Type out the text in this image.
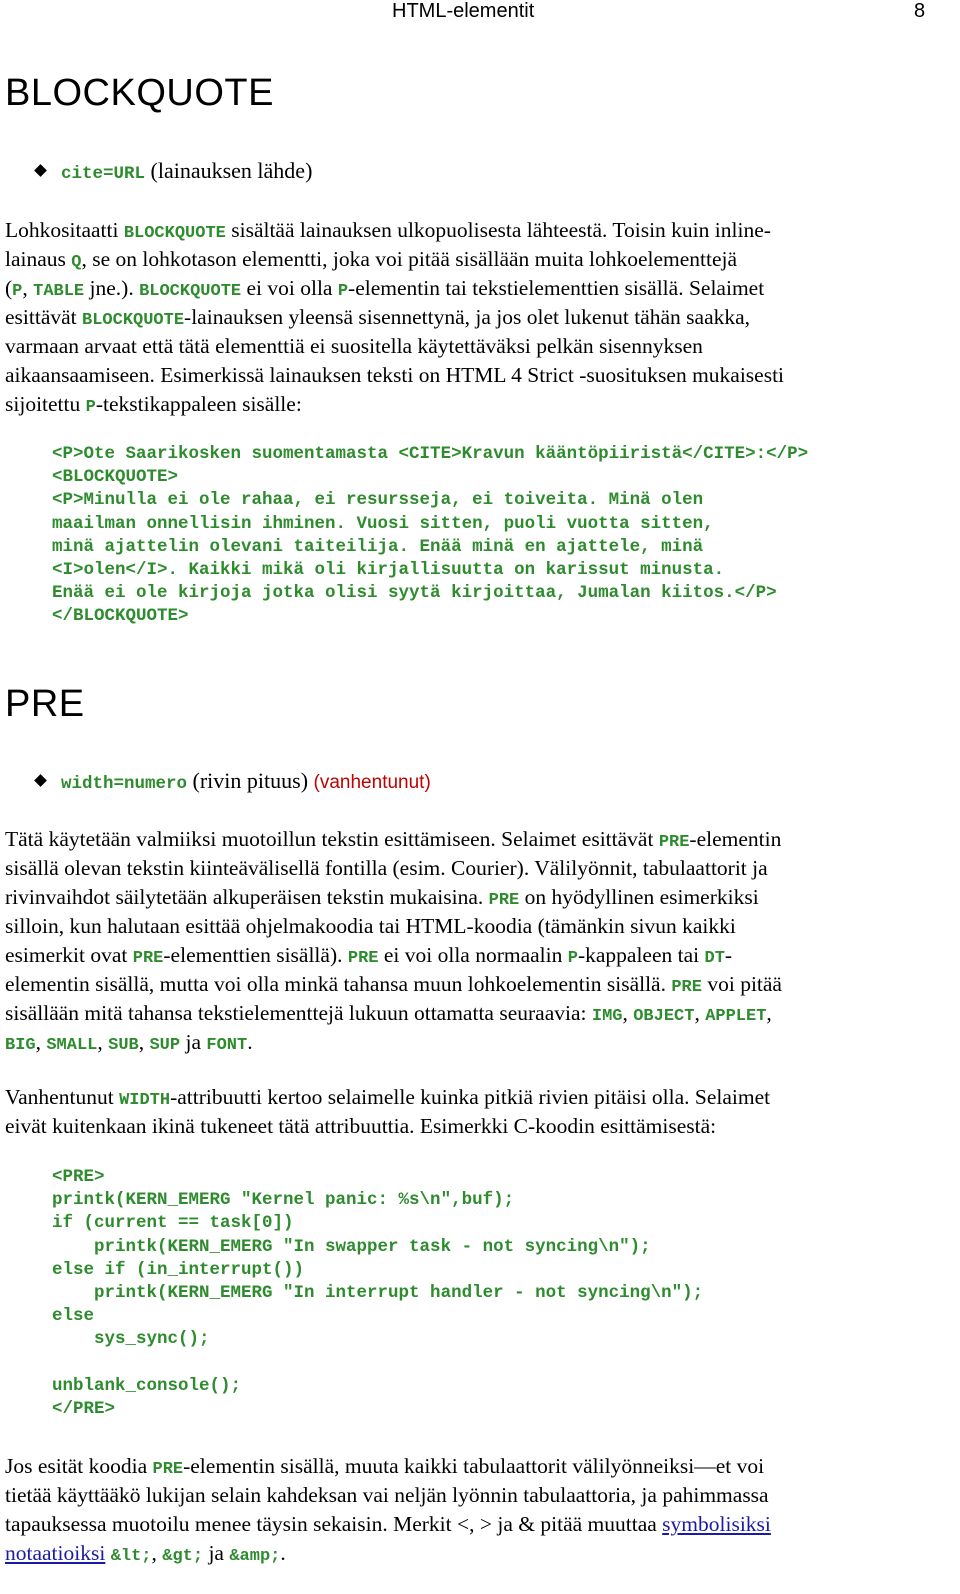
HTML-elementit	8
BLOCKQUOTE
cite=URL (lainauksen lähde)

Lohkositaatti BLOCKQUOTE sisältää lainauksen ulkopuolisesta lähteestä. Toisin kuin inline-
lainaus Q, se on lohkotason elementti, joka voi pitää sisällään muita lohkoelementtejä
(P, TABLE jne.). BLOCKQUOTE ei voi olla P-elementin tai tekstielementtien sisällä. Selaimet
esittävät BLOCKQUOTE-lainauksen yleensä sisennettynä, ja jos olet lukenut tähän saakka,
varmaan arvaat että tätä elementtiä ei suositella käytettäväksi pelkän sisennyksen
aikaansaamiseen. Esimerkissä lainauksen teksti on HTML 4 Strict -suosituksen mukaisesti
sijoitettu P-tekstikappaleen sisälle:

<P>Ote Saarikosken suomentamasta <CITE>Kravun kääntöpiiristä</CITE>:</P>
<BLOCKQUOTE>
<P>Minulla ei ole rahaa, ei resursseja, ei toiveita. Minä olen
maailman onnellisin ihminen. Vuosi sitten, puoli vuotta sitten,
minä ajattelin olevani taiteilija. Enää minä en ajattele, minä
<I>olen</I>. Kaikki mikä oli kirjallisuutta on karissut minusta.
Enää ei ole kirjoja jotka olisi syytä kirjoittaa, Jumalan kiitos.</P>
</BLOCKQUOTE>
PRE
width=numero (rivin pituus) (vanhentunut)

Tätä käytetään valmiiksi muotoillun tekstin esittämiseen. Selaimet esittävät PRE-elementin
sisällä olevan tekstin kiinteävälisellä fontilla (esim. Courier). Välilyönnit, tabulaattorit ja
rivinvaihdot säilytetään alkuperäisen tekstin mukaisina. PRE on hyödyllinen esimerkiksi
silloin, kun halutaan esittää ohjelmakoodia tai HTML-koodia (tämänkin sivun kaikki
esimerkit ovat PRE-elementtien sisällä). PRE ei voi olla normaalin P-kappaleen tai DT-
elementin sisällä, mutta voi olla minkä tahansa muun lohkoelementin sisällä. PRE voi pitää
sisällään mitä tahansa tekstielementtejä lukuun ottamatta seuraavia: IMG, OBJECT, APPLET,
BIG, SMALL, SUB, SUP ja FONT.

Vanhentunut WIDTH-attribuutti kertoo selaimelle kuinka pitkiä rivien pitäisi olla. Selaimet
eivät kuitenkaan ikinä tukeneet tätä attribuuttia. Esimerkki C-koodin esittämisestä:

<PRE>
printk(KERN_EMERG "Kernel panic: %s\n",buf);
if (current == task[0])
printk(KERN_EMERG "In swapper task - not syncing\n");
else if (in_interrupt())
printk(KERN_EMERG "In interrupt handler - not syncing\n");
else
sys_sync();

unblank_console();
</PRE>

Jos esität koodia PRE-elementin sisällä, muuta kaikki tabulaattorit välilyönneiksi—et voi
tietää käyttääkö lukijan selain kahdeksan vai neljän lyönnin tabulaattoria, ja pahimmassa
tapauksessa muotoilu menee täysin sekaisin. Merkit <, > ja & pitää muuttaa symbolisiksi
notaatioiksi &lt;, &gt; ja &amp;.
